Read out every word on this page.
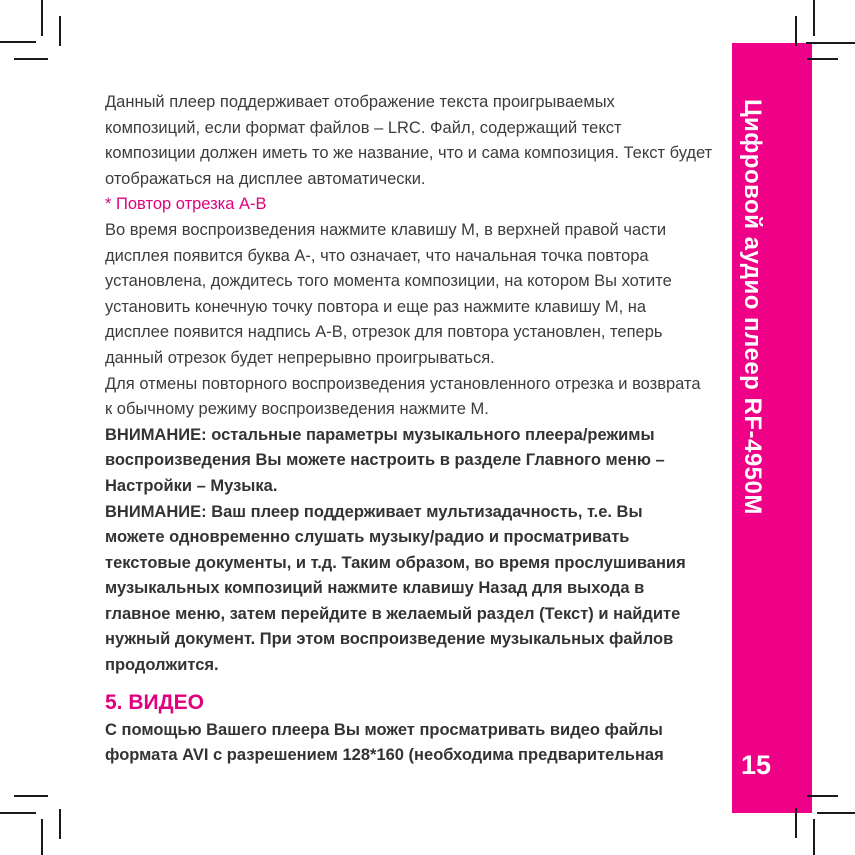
Данный плеер поддерживает отображение текста проигрываемых
композиций, если формат файлов – LRC. Файл, содержащий текст
композиции должен иметь то же название, что и сама композиция. Текст будет
отображаться на дисплее автоматически.
* Повтор отрезка А-В
Во время воспроизведения нажмите клавишу М, в верхней правой части
дисплея появится буква А-, что означает, что начальная точка повтора
установлена, дождитесь того момента композиции, на котором Вы хотите
установить конечную точку повтора и еще раз нажмите клавишу М, на
дисплее появится надпись А-В, отрезок для повтора установлен, теперь
данный отрезок будет непрерывно проигрываться.
Для отмены повторного воспроизведения установленного отрезка и возврата
к обычному режиму воспроизведения нажмите М.
ВНИМАНИЕ: остальные параметры музыкального плеера/режимы
воспроизведения Вы можете настроить в разделе Главного меню –
Настройки – Музыка.
ВНИМАНИЕ: Ваш плеер поддерживает мультизадачность, т.е. Вы
можете одновременно слушать музыку/радио и просматривать
текстовые документы, и т.д. Таким образом, во время прослушивания
музыкальных композиций нажмите клавишу Назад для выхода в
главное меню, затем перейдите в желаемый раздел (Текст) и найдите
нужный документ. При этом воспроизведение музыкальных файлов
продолжится.
5. ВИДЕО
С помощью Вашего плеера Вы может просматривать видео файлы
формата AVI с разрешением 128*160 (необходима предварительная
Цифровой аудио плеер RF-4950М
15
